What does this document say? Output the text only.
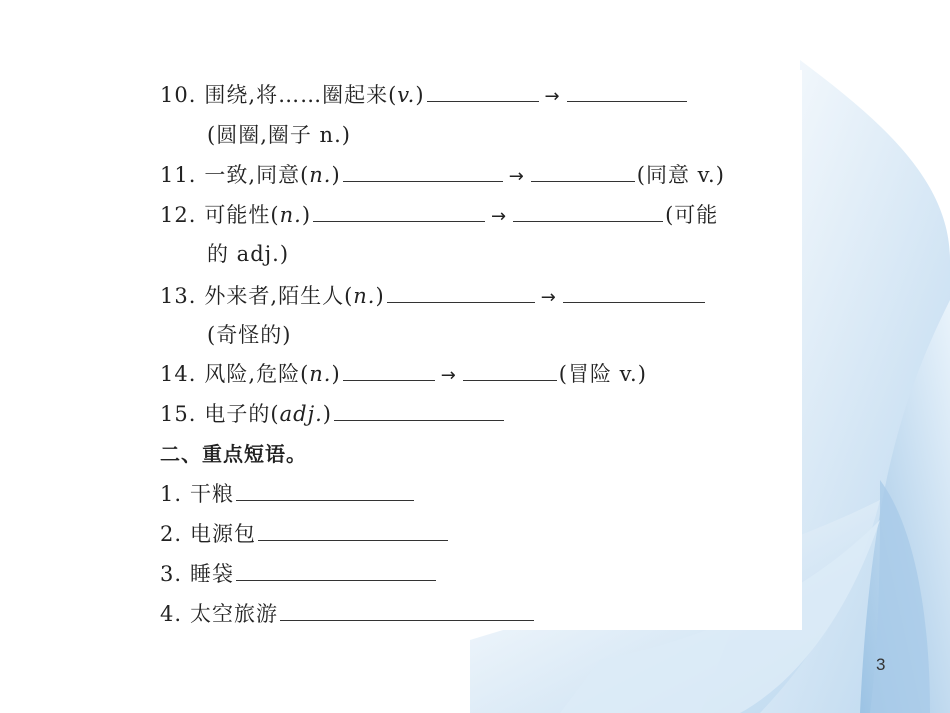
10. 围绕,将……圈起来(v.)	→
(圆圈,圈子 n.)
11. 一致,同意(n.)	→	(同意 v.)
12. 可能性(n.)	→	(可能
的 adj.)
13. 外来者,陌生人(n.)	→
(奇怪的)
14. 风险,危险(n.)	→	(冒险 v.)
15. 电子的(adj.)
二、重点短语。
1. 干粮
2. 电源包
3. 睡袋
4. 太空旅游
3
